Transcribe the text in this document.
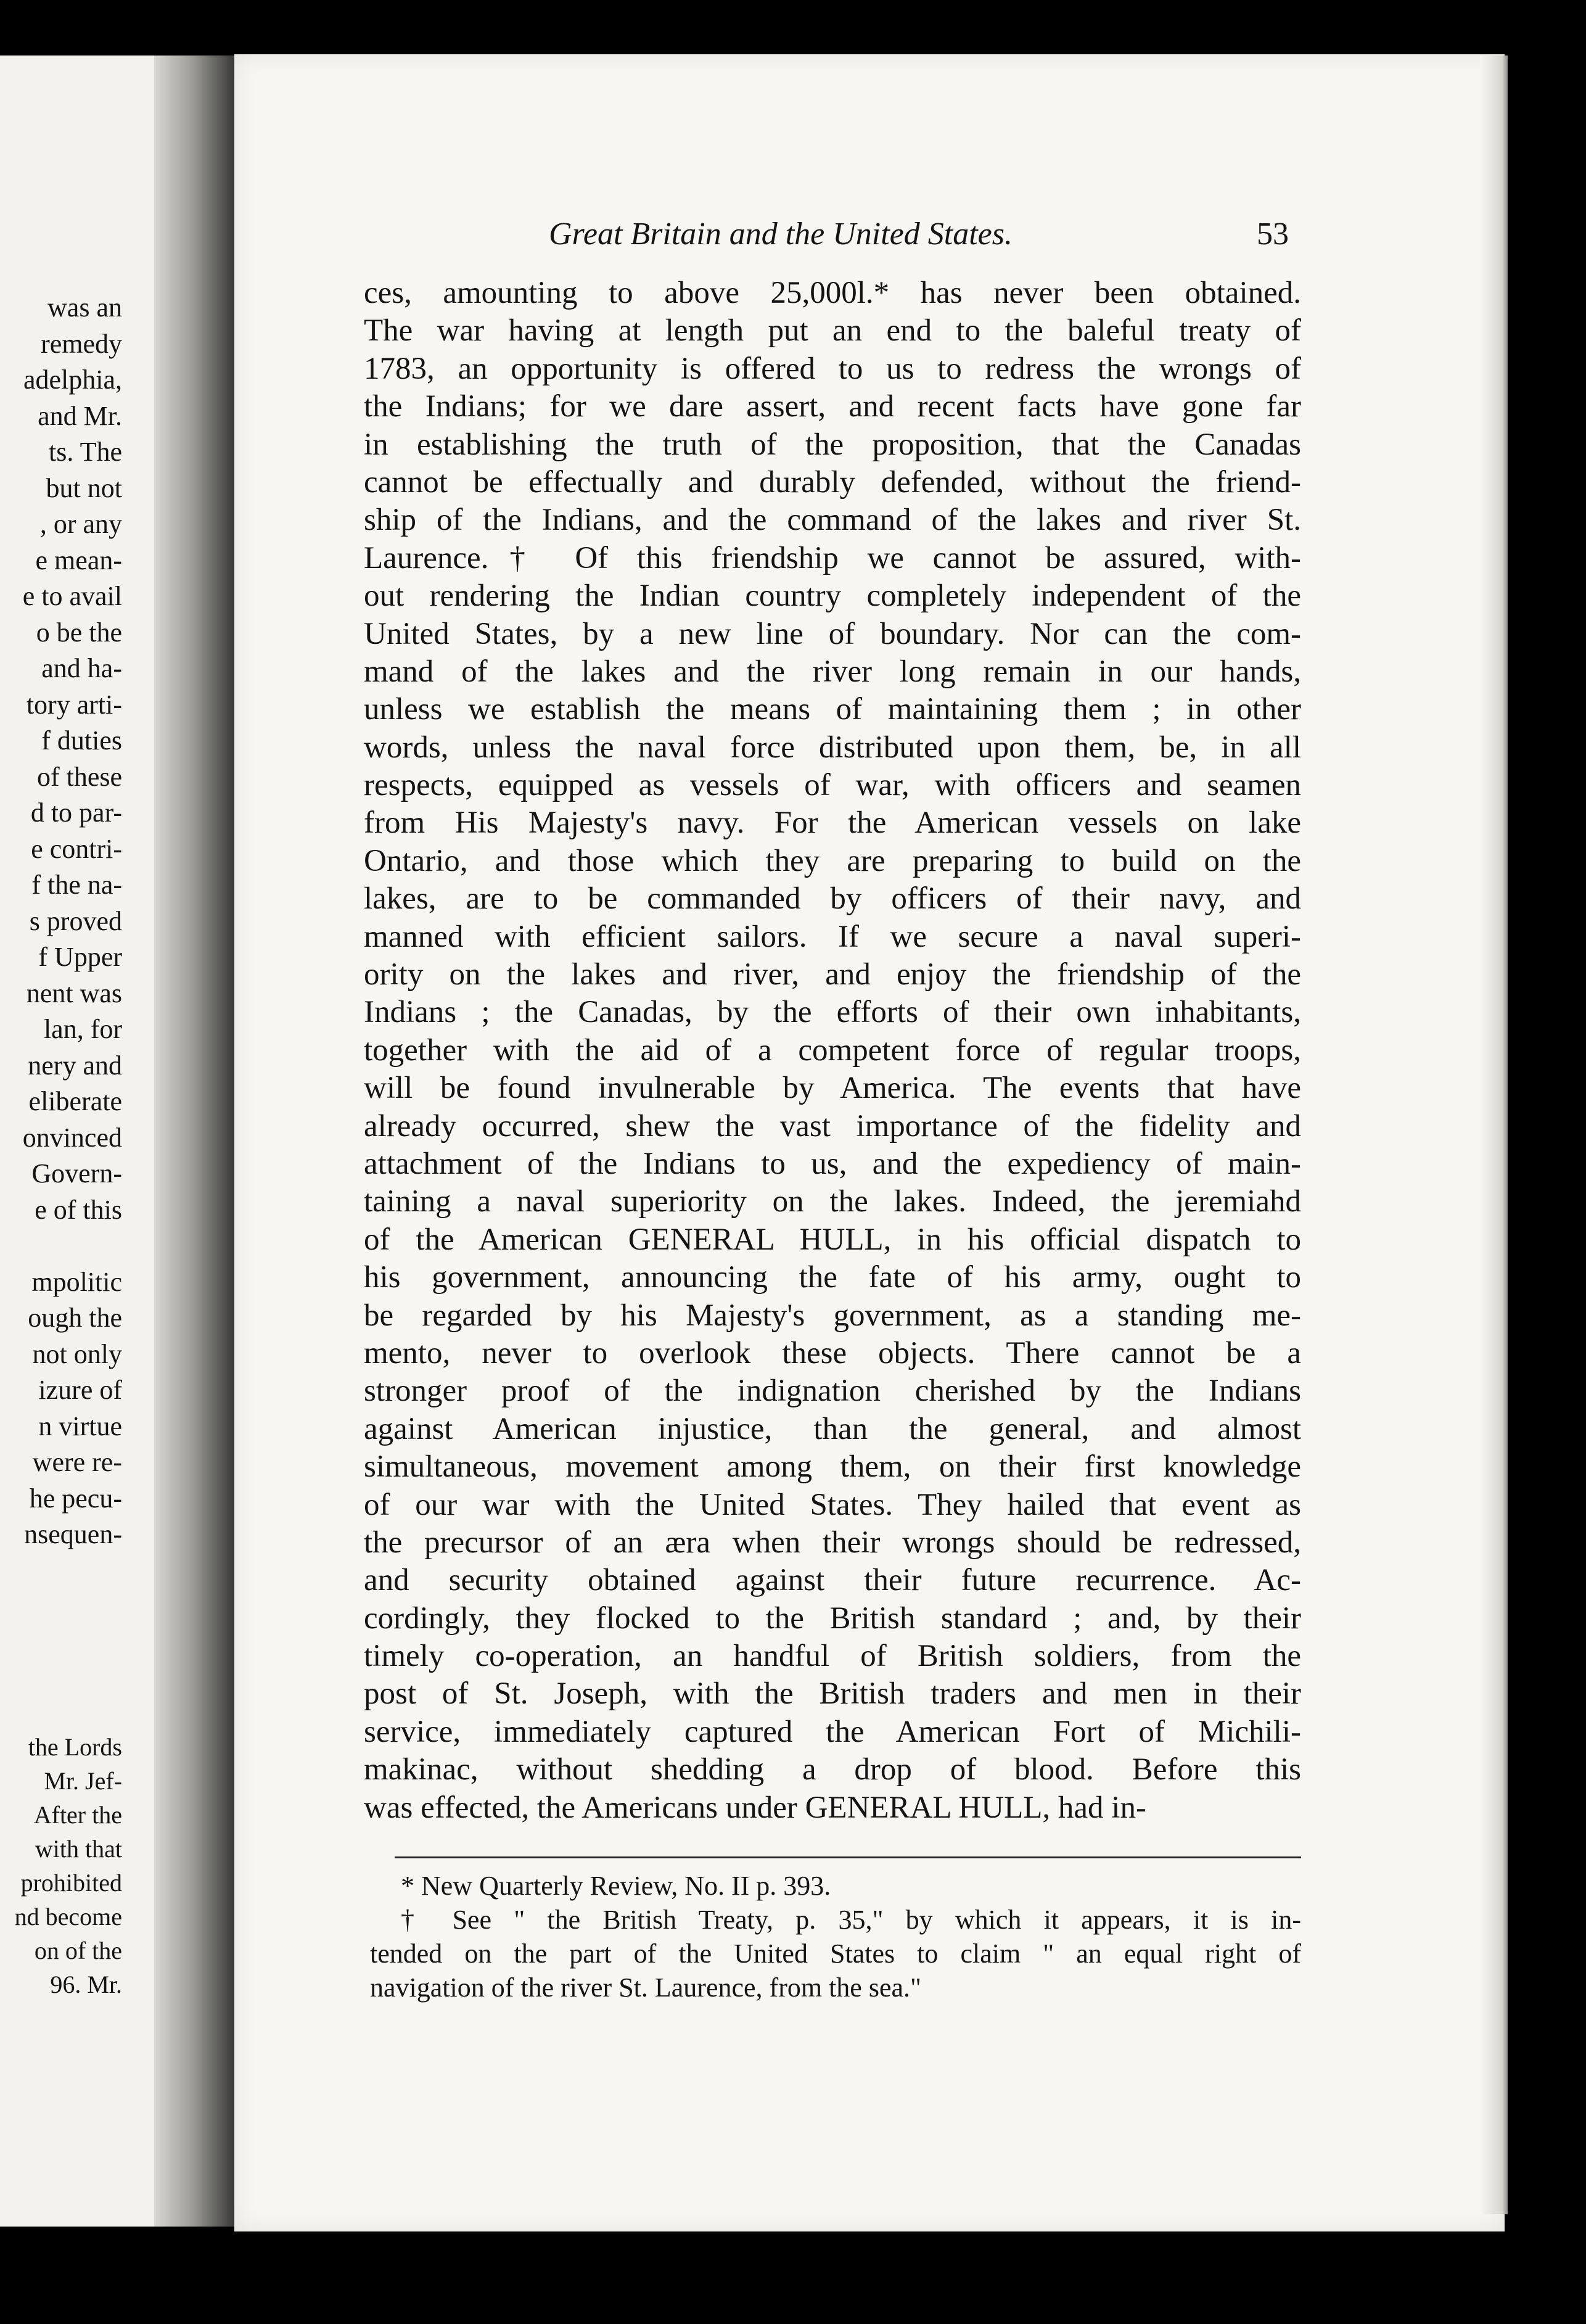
was an
remedy
adelphia,
and Mr.
ts. The
but not
, or any
e mean-
e to avail
o be the
and ha-
tory arti-
f duties
of these
d to par-
e contri-
f the na-
s proved
f Upper
nent was
lan, for
nery and
eliberate
onvinced
Govern-
e of this
mpolitic
ough the
not only
izure of
n virtue
were re-
he pecu-
nsequen-
the Lords
Mr. Jef-
After the
with that
prohibited
nd become
on of the
96. Mr.
Great Britain and the United States.	53
ces, amounting to above 25,000l.* has never been obtained.
The war having at length put an end to the baleful treaty of
1783, an opportunity is offered to us to redress the wrongs of
the Indians; for we dare assert, and recent facts have gone far
in establishing the truth of the proposition, that the Canadas
cannot be effectually and durably defended, without the friend-
ship of the Indians, and the command of the lakes and river St.
Laurence.† Of this friendship we cannot be assured, with-
out rendering the Indian country completely independent of the
United States, by a new line of boundary. Nor can the com-
mand of the lakes and the river long remain in our hands,
unless we establish the means of maintaining them ; in other
words, unless the naval force distributed upon them, be, in all
respects, equipped as vessels of war, with officers and seamen
from His Majesty's navy. For the American vessels on lake
Ontario, and those which they are preparing to build on the
lakes, are to be commanded by officers of their navy, and
manned with efficient sailors. If we secure a naval superi-
ority on the lakes and river, and enjoy the friendship of the
Indians ; the Canadas, by the efforts of their own inhabitants,
together with the aid of a competent force of regular troops,
will be found invulnerable by America. The events that have
already occurred, shew the vast importance of the fidelity and
attachment of the Indians to us, and the expediency of main-
taining a naval superiority on the lakes. Indeed, the jeremiahd
of the American GENERAL HULL, in his official dispatch to
his government, announcing the fate of his army, ought to
be regarded by his Majesty's government, as a standing me-
mento, never to overlook these objects. There cannot be a
stronger proof of the indignation cherished by the Indians
against American injustice, than the general, and almost
simultaneous, movement among them, on their first knowledge
of our war with the United States. They hailed that event as
the precursor of an æra when their wrongs should be redressed,
and security obtained against their future recurrence. Ac-
cordingly, they flocked to the British standard ; and, by their
timely co-operation, an handful of British soldiers, from the
post of St. Joseph, with the British traders and men in their
service, immediately captured the American Fort of Michili-
makinac, without shedding a drop of blood. Before this
was effected, the Americans under GENERAL HULL, had in-
* New Quarterly Review, No. II p. 393.
† See " the British Treaty, p. 35," by which it appears, it is in-
tended on the part of the United States to claim " an equal right of
navigation of the river St. Laurence, from the sea."
